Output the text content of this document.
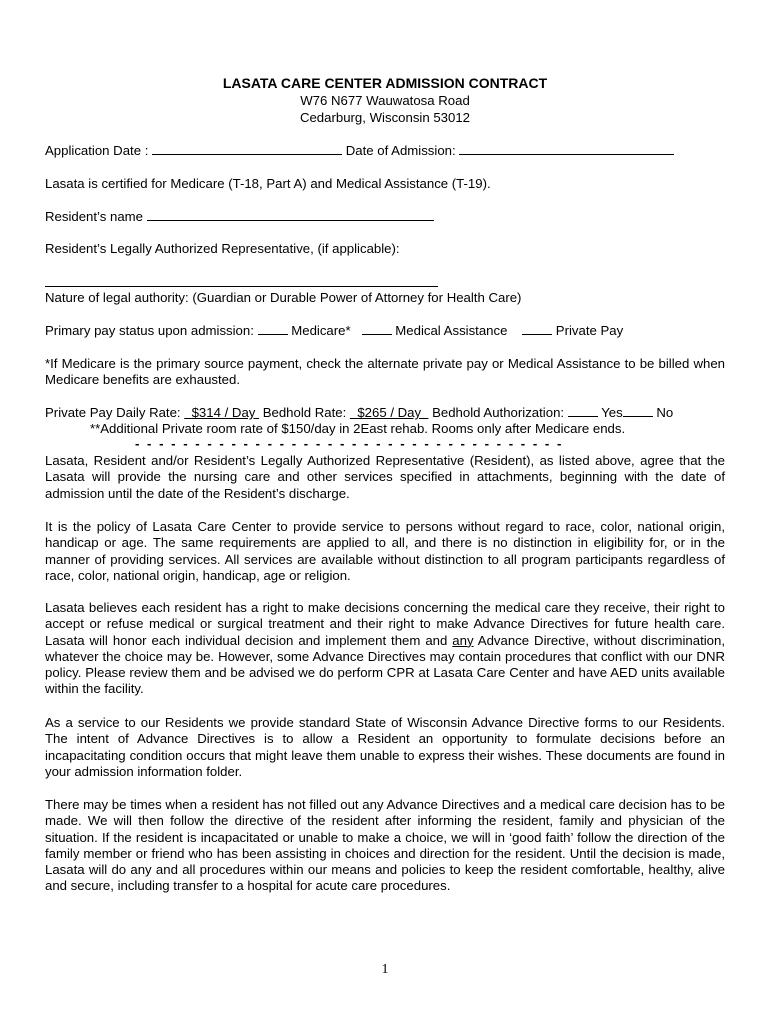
LASATA CARE CENTER ADMISSION CONTRACT
W76 N677 Wauwatosa Road
Cedarburg, Wisconsin 53012
Application Date :	Date of Admission:
Lasata is certified for Medicare (T-18, Part A) and Medical Assistance (T-19).
Resident’s name
Resident’s Legally Authorized Representative, (if applicable):
Nature of legal authority: (Guardian or Durable Power of Attorney for Health Care)
Primary pay status upon admission:	Medicare*	Medical Assistance	Private Pay
*If Medicare is the primary source payment, check the alternate private pay or Medical Assistance to be billed when Medicare benefits are exhausted.
Private Pay Daily Rate: $314 / Day Bedhold Rate: $265 / Day Bedhold Authorization:	Yes	No
**Additional Private room rate of $150/day in 2East rehab. Rooms only after Medicare ends.
- - - - - - - - - - - - - - - - - - - - - - - - - - - - - - - - - - - -
Lasata, Resident and/or Resident’s Legally Authorized Representative (Resident), as listed above, agree that the Lasata will provide the nursing care and other services specified in attachments, beginning with the date of admission until the date of the Resident’s discharge.
It is the policy of Lasata Care Center to provide service to persons without regard to race, color, national origin, handicap or age. The same requirements are applied to all, and there is no distinction in eligibility for, or in the manner of providing services. All services are available without distinction to all program participants regardless of race, color, national origin, handicap, age or religion.
Lasata believes each resident has a right to make decisions concerning the medical care they receive, their right to accept or refuse medical or surgical treatment and their right to make Advance Directives for future health care. Lasata will honor each individual decision and implement them and any Advance Directive, without discrimination, whatever the choice may be. However, some Advance Directives may contain procedures that conflict with our DNR policy. Please review them and be advised we do perform CPR at Lasata Care Center and have AED units available within the facility.
As a service to our Residents we provide standard State of Wisconsin Advance Directive forms to our Residents. The intent of Advance Directives is to allow a Resident an opportunity to formulate decisions before an incapacitating condition occurs that might leave them unable to express their wishes. These documents are found in your admission information folder.
There may be times when a resident has not filled out any Advance Directives and a medical care decision has to be made. We will then follow the directive of the resident after informing the resident, family and physician of the situation. If the resident is incapacitated or unable to make a choice, we will in ‘good faith’ follow the direction of the family member or friend who has been assisting in choices and direction for the resident. Until the decision is made, Lasata will do any and all procedures within our means and policies to keep the resident comfortable, healthy, alive and secure, including transfer to a hospital for acute care procedures.
1
